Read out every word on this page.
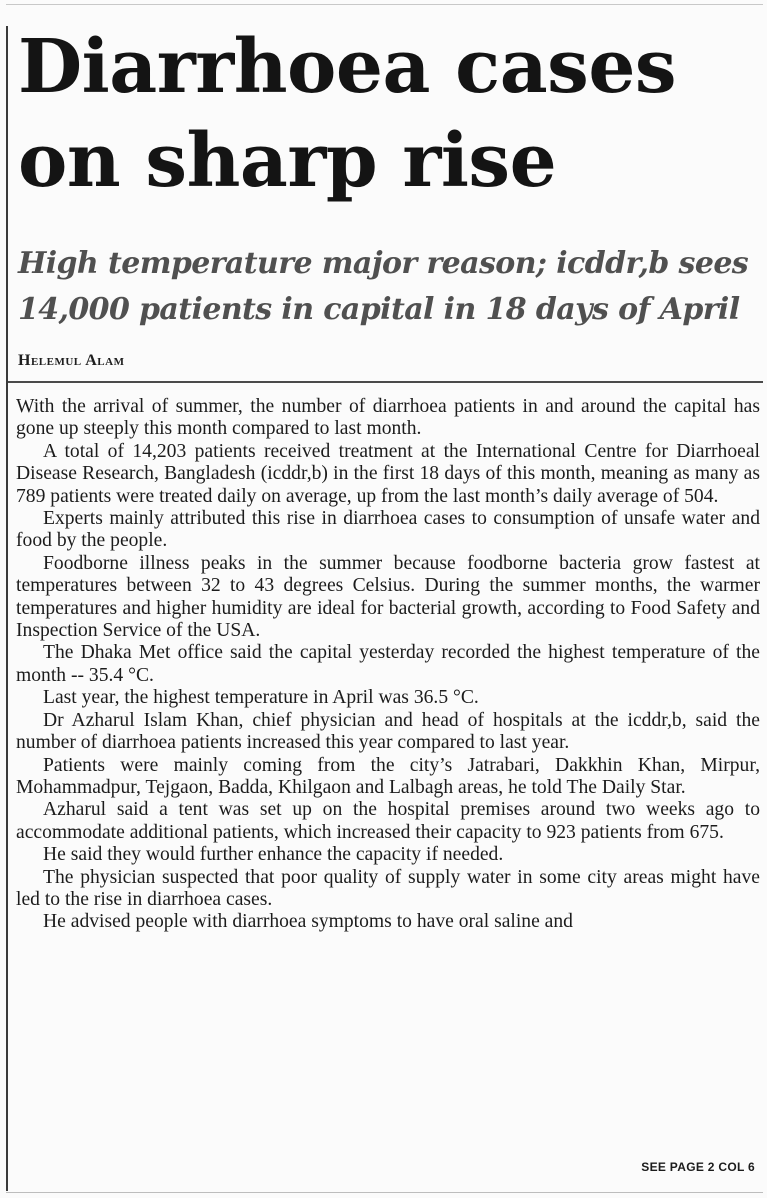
Diarrhoea cases
on sharp rise
High temperature major reason; icddr,b sees
14,000 patients in capital in 18 days of April
Helemul Alam

With the arrival of summer, the number of diarrhoea patients in and around the capital has gone up steeply this month compared to last month.

A total of 14,203 patients received treatment at the International Centre for Diarrhoeal Disease Research, Bangladesh (icddr,b) in the first 18 days of this month, meaning as many as 789 patients were treated daily on average, up from the last month’s daily average of 504.

Experts mainly attributed this rise in diarrhoea cases to consumption of unsafe water and food by the people.

Foodborne illness peaks in the summer because foodborne bacteria grow fastest at temperatures between 32 to 43 degrees Celsius. During the summer months, the warmer temperatures and higher humidity are ideal for bacterial growth, according to Food Safety and Inspection Service of the USA.

The Dhaka Met office said the capital yesterday recorded the highest temperature of the month -- 35.4 °C.

Last year, the highest temperature in April was 36.5 °C.

Dr Azharul Islam Khan, chief physician and head of hospitals at the icddr,b, said the number of diarrhoea patients increased this year compared to last year.

Patients were mainly coming from the city’s Jatrabari, Dakkhin Khan, Mirpur, Mohammadpur, Tejgaon, Badda, Khilgaon and Lalbagh areas, he told The Daily Star.

Azharul said a tent was set up on the hospital premises around two weeks ago to accommodate additional patients, which increased their capacity to 923 patients from 675.

He said they would further enhance the capacity if needed.

The physician suspected that poor quality of supply water in some city areas might have led to the rise in diarrhoea cases.

He advised people with diarrhoea symptoms to have oral saline and

SEE PAGE 2 COL 6
